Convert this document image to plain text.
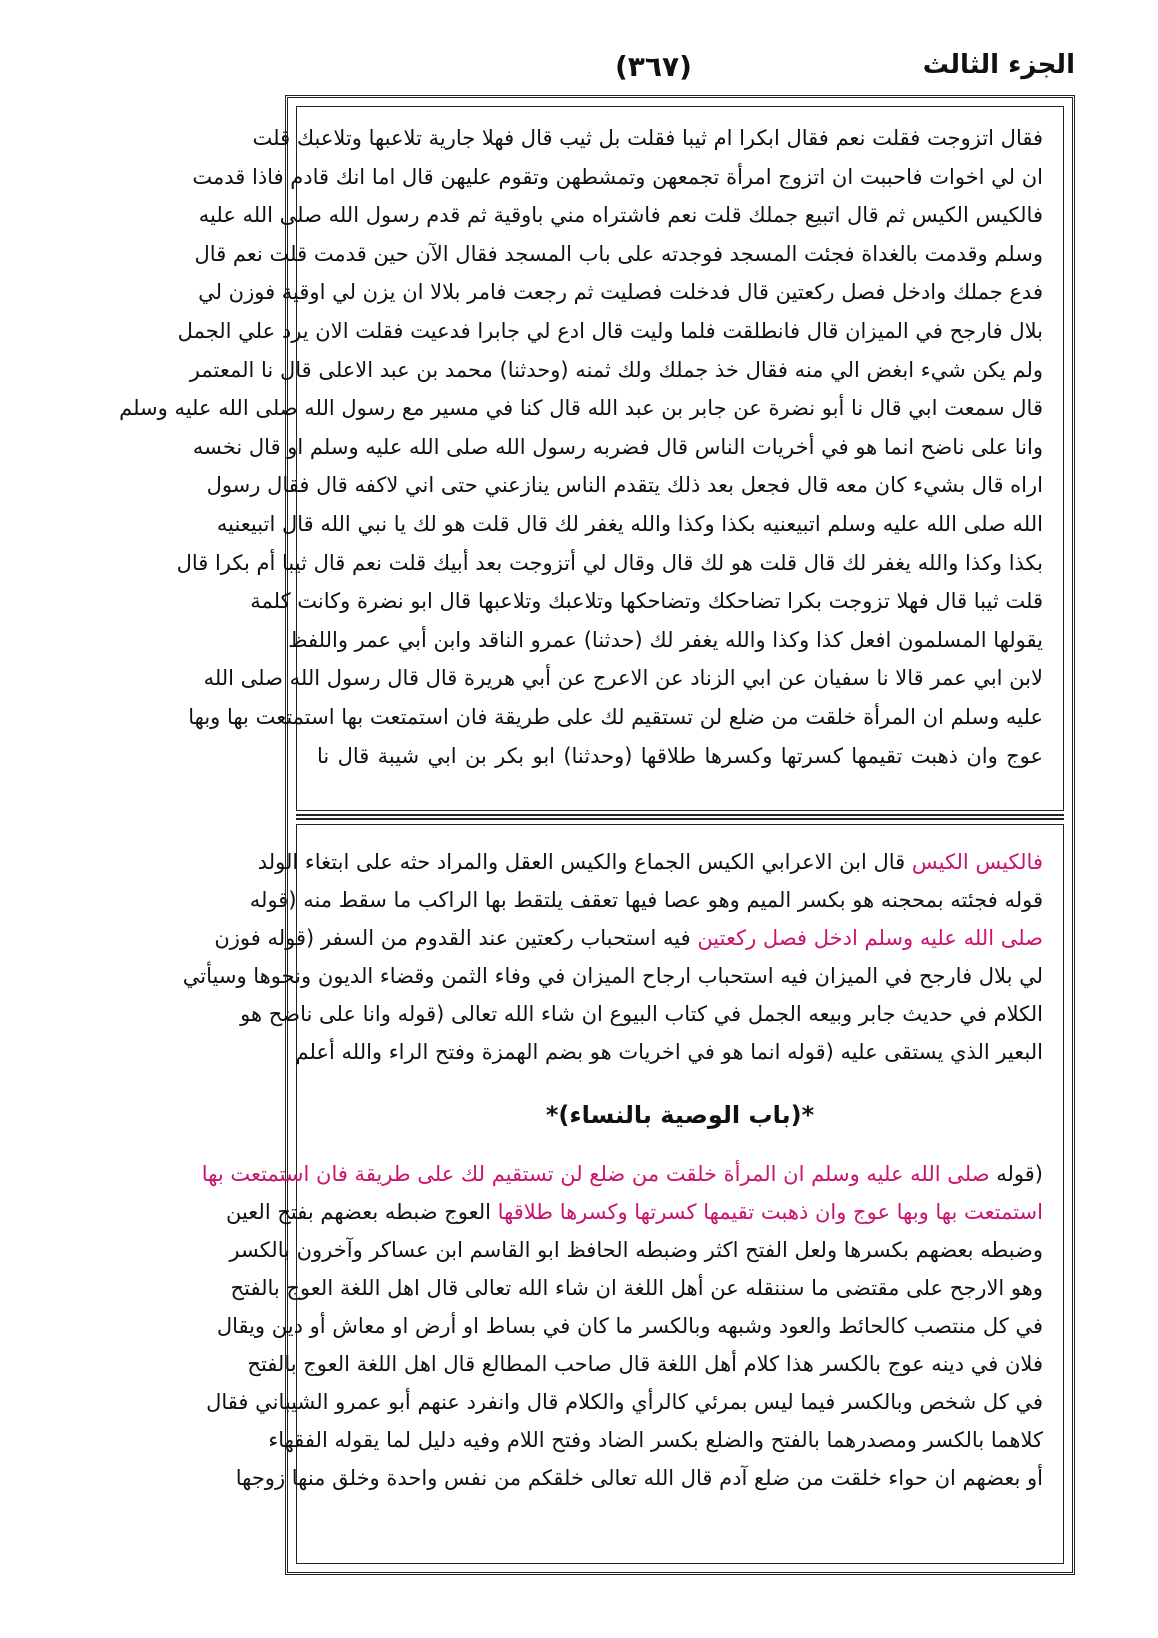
الجزء الثالث
(٣٦٧)
فقال اتزوجت فقلت نعم فقال ابكرا ام ثيبا فقلت بل ثيب قال فهلا جارية تلاعبها وتلاعبك قلت
ان لي اخوات فاحببت ان اتزوج امرأة تجمعهن وتمشطهن وتقوم عليهن قال اما انك قادم فاذا قدمت
فالكيس الكيس ثم قال اتبيع جملك قلت نعم فاشتراه مني باوقية ثم قدم رسول الله صلى الله عليه
وسلم وقدمت بالغداة فجئت المسجد فوجدته على باب المسجد فقال الآن حين قدمت قلت نعم قال
فدع جملك وادخل فصل ركعتين قال فدخلت فصليت ثم رجعت فامر بلالا ان يزن لي اوقية فوزن لي
بلال فارجح في الميزان قال فانطلقت فلما وليت قال ادع لي جابرا فدعيت فقلت الان يرد علي الجمل
ولم يكن شيء ابغض الي منه فقال خذ جملك ولك ثمنه (وحدثنا) محمد بن عبد الاعلى قال نا المعتمر
قال سمعت ابي قال نا أبو نضرة عن جابر بن عبد الله قال كنا في مسير مع رسول الله صلى الله عليه وسلم
وانا على ناضح انما هو في أخريات الناس قال فضربه رسول الله صلى الله عليه وسلم او قال نخسه
اراه قال بشيء كان معه قال فجعل بعد ذلك يتقدم الناس ينازعني حتى اني لاكفه قال فقال رسول
الله صلى الله عليه وسلم اتبيعنيه بكذا وكذا والله يغفر لك قال قلت هو لك يا نبي الله قال اتبيعنيه
بكذا وكذا والله يغفر لك قال قلت هو لك قال وقال لي أتزوجت بعد أبيك قلت نعم قال ثيبا أم بكرا قال
قلت ثيبا قال فهلا تزوجت بكرا تضاحكك وتضاحكها وتلاعبك وتلاعبها قال ابو نضرة وكانت كلمة
يقولها المسلمون افعل كذا وكذا والله يغفر لك (حدثنا) عمرو الناقد وابن أبي عمر واللفظ
لابن ابي عمر قالا نا سفيان عن ابي الزناد عن الاعرج عن أبي هريرة قال قال رسول الله صلى الله
عليه وسلم ان المرأة خلقت من ضلع لن تستقيم لك على طريقة فان استمتعت بها استمتعت بها وبها
عوج وان ذهبت تقيمها كسرتها وكسرها طلاقها (وحدثنا) ابو بكر بن ابي شيبة قال نا
فالكيس الكيس قال ابن الاعرابي الكيس الجماع والكيس العقل والمراد حثه على ابتغاء الولد
قوله فجئته بمحجنه هو بكسر الميم وهو عصا فيها تعقف يلتقط بها الراكب ما سقط منه (قوله
صلى الله عليه وسلم ادخل فصل ركعتين فيه استحباب ركعتين عند القدوم من السفر (قوله فوزن
لي بلال فارجح في الميزان فيه استحباب ارجاح الميزان في وفاء الثمن وقضاء الديون ونحوها وسيأتي
الكلام في حديث جابر وبيعه الجمل في كتاب البيوع ان شاء الله تعالى (قوله وانا على ناضح هو
البعير الذي يستقى عليه (قوله انما هو في اخريات هو بضم الهمزة وفتح الراء والله أعلم
*(باب الوصية بالنساء)*
(قوله صلى الله عليه وسلم ان المرأة خلقت من ضلع لن تستقيم لك على طريقة فان استمتعت بها
استمتعت بها وبها عوج وان ذهبت تقيمها كسرتها وكسرها طلاقها العوج ضبطه بعضهم بفتح العين
وضبطه بعضهم بكسرها ولعل الفتح اكثر وضبطه الحافظ ابو القاسم ابن عساكر وآخرون بالكسر
وهو الارجح على مقتضى ما سننقله عن أهل اللغة ان شاء الله تعالى قال اهل اللغة العوج بالفتح
في كل منتصب كالحائط والعود وشبهه وبالكسر ما كان في بساط او أرض او معاش أو دين ويقال
فلان في دينه عوج بالكسر هذا كلام أهل اللغة قال صاحب المطالع قال اهل اللغة العوج بالفتح
في كل شخص وبالكسر فيما ليس بمرئي كالرأي والكلام قال وانفرد عنهم أبو عمرو الشيباني فقال
كلاهما بالكسر ومصدرهما بالفتح والضلع بكسر الضاد وفتح اللام وفيه دليل لما يقوله الفقهاء
أو بعضهم ان حواء خلقت من ضلع آدم قال الله تعالى خلقكم من نفس واحدة وخلق منها زوجها
